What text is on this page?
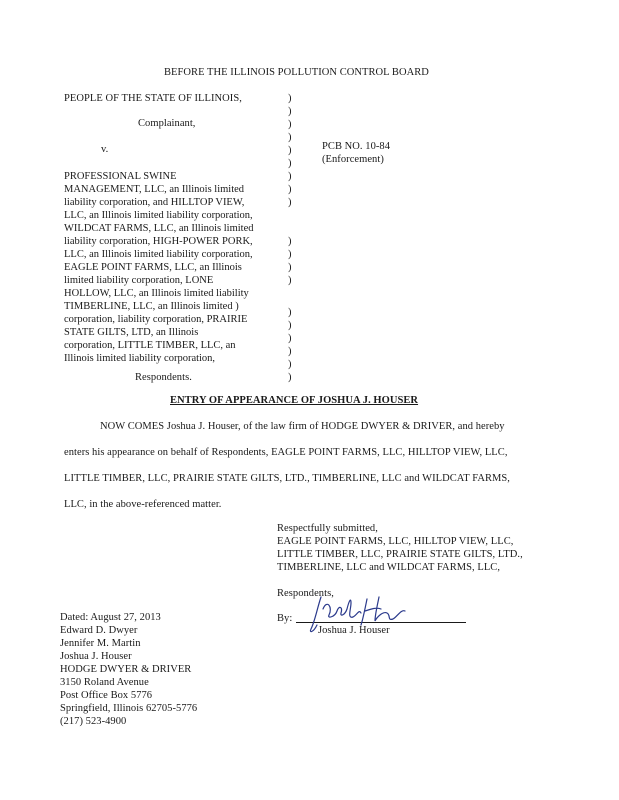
BEFORE THE ILLINOIS POLLUTION CONTROL BOARD
PEOPLE OF THE STATE OF ILLINOIS,
Complainant,
v.
PROFESSIONAL SWINE
MANAGEMENT, LLC, an Illinois limited
liability corporation, and HILLTOP VIEW,
LLC, an Illinois limited liability corporation,
WILDCAT FARMS, LLC, an Illinois limited
liability corporation, HIGH-POWER PORK,
LLC, an Illinois limited liability corporation,
EAGLE POINT FARMS, LLC, an Illinois
limited liability corporation, LONE
HOLLOW, LLC, an Illinois limited liability
TIMBERLINE, LLC, an Illinois limited )
corporation, liability corporation, PRAIRIE
STATE GILTS, LTD, an Illinois
corporation, LITTLE TIMBER, LLC, an
Illinois limited liability corporation,
Respondents.
)
)
)
)
)
)
)
)
)
)
)
)
)
)
)
)
)
)
)
PCB NO. 10-84
(Enforcement)
ENTRY OF APPEARANCE OF JOSHUA J. HOUSER
NOW COMES Joshua J. Houser, of the law firm of HODGE DWYER & DRIVER, and hereby
enters his appearance on behalf of Respondents, EAGLE POINT FARMS, LLC, HILLTOP VIEW, LLC,
LITTLE TIMBER, LLC, PRAIRIE STATE GILTS, LTD., TIMBERLINE, LLC and WILDCAT FARMS,
LLC, in the above-referenced matter.
Respectfully submitted,
EAGLE POINT FARMS, LLC, HILLTOP VIEW, LLC,
LITTLE TIMBER, LLC, PRAIRIE STATE GILTS, LTD.,
TIMBERLINE, LLC and WILDCAT FARMS, LLC,
Respondents,
By:
Joshua J. Houser
Dated: August 27, 2013
Edward D. Dwyer
Jennifer M. Martin
Joshua J. Houser
HODGE DWYER & DRIVER
3150 Roland Avenue
Post Office Box 5776
Springfield, Illinois 62705-5776
(217) 523-4900
